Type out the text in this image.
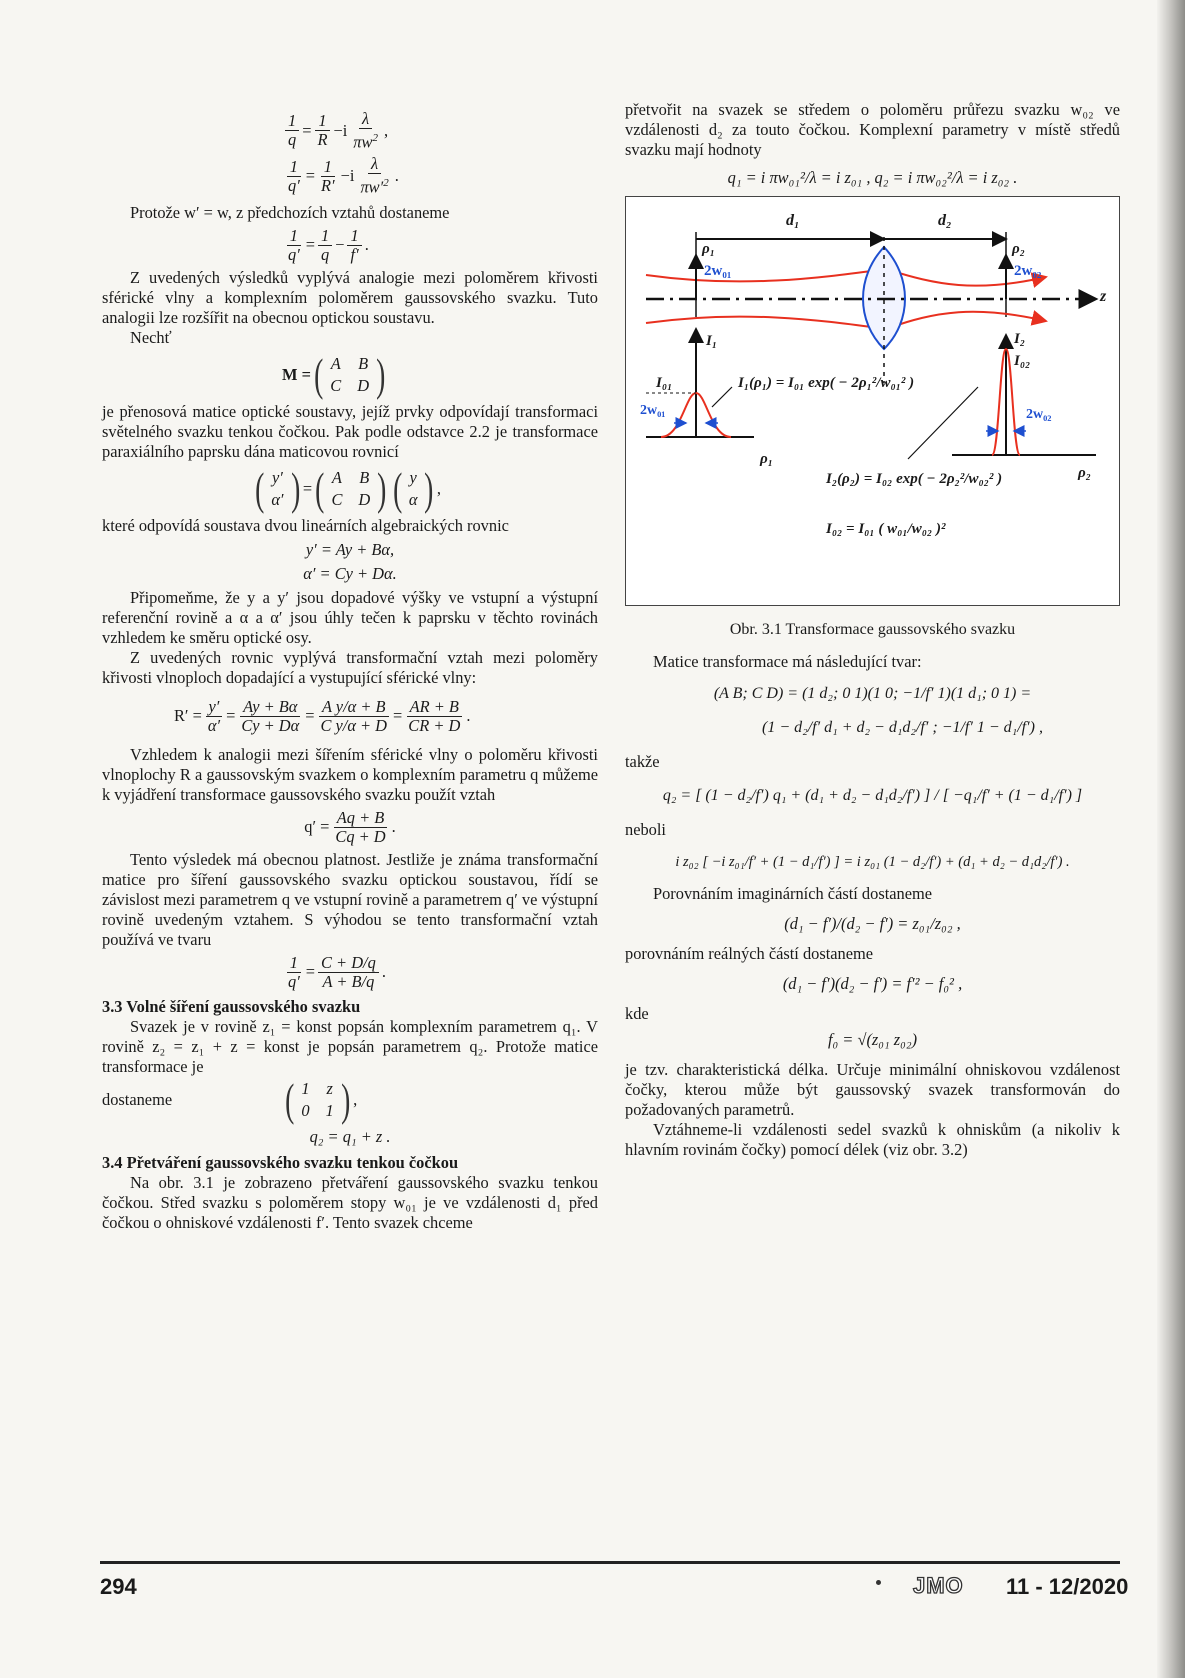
$\frac{1}{q} = \frac{1}{R} - i$
λ
$\pi w^2$ ,
$\frac{1}{q'} = \frac{1}{R'} - i$
λ
$\pi w'^2$ .

Protože w′ = w, z předchozích vztahů dostaneme

$\frac{1}{q'} = \frac{1}{q} - \frac{1}{f'}$ .

Z uvedených výsledků vyplývá analogie mezi poloměrem křivosti sférické vlny a komplexním poloměrem gaussovského svazku. Tuto analogii lze rozšířit na obecnou optickou soustavu.

Nechť

M = ( A B
C D )

je přenosová matice optické soustavy, jejíž prvky odpovídají transformaci světelného svazku tenkou čočkou. Pak podle odstavce 2.2 je transformace paraxiálního paprsku dána maticovou rovnicí

( y′
α′ ) = ( A B
C D ) ( y
α ) ,

které odpovídá soustava dvou lineárních algebraických rovnic

y′ = Ay + Bα,
α′ = Cy + Dα.

Připomeňme, že y a y′ jsou dopadové výšky ve vstupní a výstupní referenční rovině a α a α′ jsou úhly tečen k paprsku v těchto rovinách vzhledem ke směru optické osy.

Z uvedených rovnic vyplývá transformační vztah mezi poloměry křivosti vlnoploch dopadající a vystupující sférické vlny:

$R' = \frac{y'}{\alpha'} = \frac{Ay + B\alpha}{Cy + D\alpha} = \frac{\text{A y/α + B}}{\text{C y/α + D}} = \frac{AR + B}{CR + D}$ .

Vzhledem k analogii mezi šířením sférické vlny o poloměru křivosti vlnoplochy R a gaussovským svazkem o komplexním parametru q můžeme k vyjádření transformace gaussovského svazku použít vztah

$q' = \frac{Aq + B}{Cq + D}$ .

Tento výsledek má obecnou platnost. Jestliže je známa transformační matice pro šíření gaussovského svazku optickou soustavou, řídí se závislost mezi parametrem q ve vstupní rovině a parametrem q′ ve výstupní rovině uvedeným vztahem. S výhodou se tento transformační vztah používá ve tvaru

$\frac{1}{q'} = \frac{C + D/q}{A + B/q}$ .

3.3 Volné šíření gaussovského svazku

Svazek je v rovině z₁ = konst popsán komplexním parametrem q₁. V rovině z₂ = z₁ + z = konst je popsán parametrem q₂. Protože matice transformace je

dostaneme	( 1 z
0 1 ) ,
q₂ = q₁ + z .

3.4 Přetváření gaussovského svazku tenkou čočkou

Na obr. 3.1 je zobrazeno přetváření gaussovského svazku tenkou čočkou. Střed svazku s poloměrem stopy w₀₁ je ve vzdálenosti d₁ před čočkou o ohniskové vzdálenosti f′. Tento svazek chceme

přetvořit na svazek se středem o poloměru průřezu svazku w₀₂ ve vzdálenosti d₂ za touto čočkou. Komplexní parametry v místě středů svazku mají hodnoty

q₁ = i πw₀₁²/λ = i z₀₁ , q₂ = i πw₀₂²/λ = i z₀₂ .
d₁	d₂
ρ₁	ρ₂
2w₀₁	2w₀₂
z
I₁	I₂
I₀₂
I₀₁
2w₀₁	2w₀₂
I₁(ρ₁) = I₀₁ exp( − 2ρ₁²/w₀₁² )
I₂(ρ₂) = I₀₂ exp( − 2ρ₂²/w₀₂² )
I₀₂ = I₀₁ ( w₀₁/w₀₂ )²
ρ₁
ρ₂
Obr. 3.1 Transformace gaussovského svazku

Matice transformace má následující tvar:

(A B; C D) = (1 d₂; 0 1)(1 0; −1/f′ 1)(1 d₁; 0 1) =
(1 − d₂/f′ d₁ + d₂ − d₁d₂/f′ ; −1/f′ 1 − d₁/f′) ,

takže

q₂ = [ (1 − d₂/f′) q₁ + (d₁ + d₂ − d₁d₂/f′) ] / [ −q₁/f′ + (1 − d₁/f′) ]

neboli

i z₀₂ [ −i z₀₁/f′ + (1 − d₁/f′) ] = i z₀₁ (1 − d₂/f′) + (d₁ + d₂ − d₁d₂/f′) .

Porovnáním imaginárních částí dostaneme

(d₁ − f′)/(d₂ − f′) = z₀₁/z₀₂ ,

porovnáním reálných částí dostaneme

(d₁ − f′)(d₂ − f′) = f′² − f₀² ,

kde

f₀ = √(z₀₁ z₀₂)

je tzv. charakteristická délka. Určuje minimální ohniskovou vzdálenost čočky, kterou může být gaussovský svazek transformován do požadovaných parametrů.

Vztáhneme-li vzdálenosti sedel svazků k ohniskům (a nikoliv k hlavním rovinám čočky) pomocí délek (viz obr. 3.2)

294	JMO 11 - 12/2020
